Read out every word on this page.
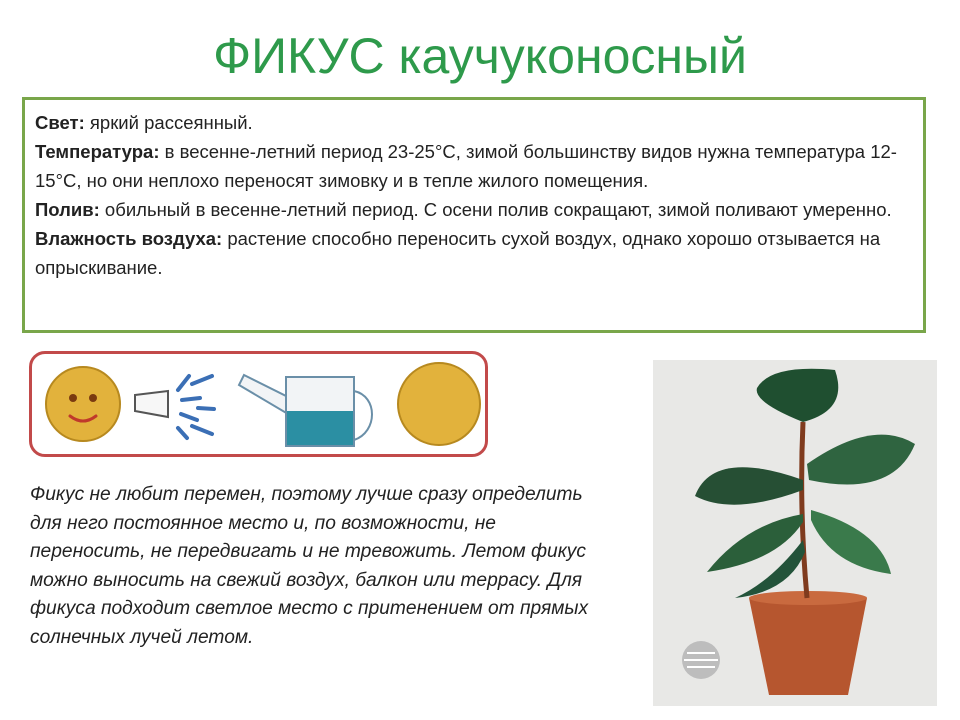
ФИКУС каучуконосный

Свет: яркий рассеянный.

Температура: в весенне-летний период 23-25°С, зимой большинству видов нужна температура 12-15°С, но они неплохо переносят зимовку и в тепле жилого помещения.

Полив: обильный в весенне-летний период. С осени полив сокращают, зимой поливают умеренно.

Влажность воздуха: растение способно переносить сухой воздух, однако хорошо отзывается на опрыскивание.

Фикус не любит перемен, поэтому лучше сразу определить для него постоянное место и, по возможности, не переносить, не передвигать и не тревожить. Летом фикус можно выносить на свежий воздух, балкон или террасу. Для фикуса подходит светлое место с притенением от прямых солнечных лучей летом.
